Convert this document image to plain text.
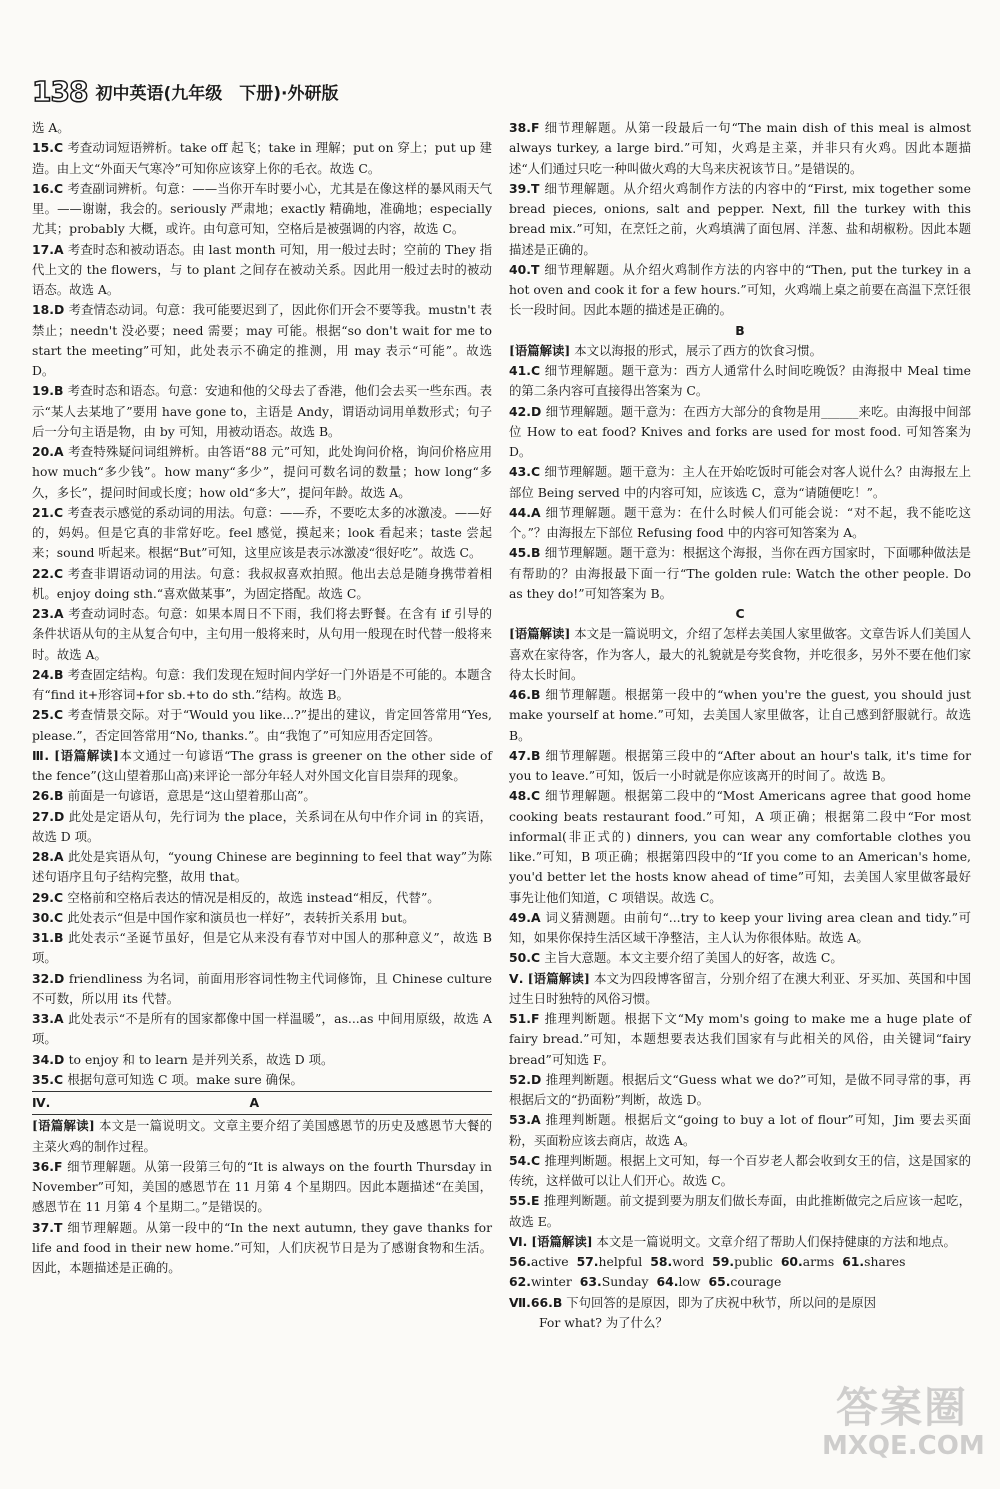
138 初中英语(九年级　下册)·外研版

选 A。

15.C 考查动词短语辨析。take off 起飞；take in 理解；put on 穿上；put up 建造。由上文“外面天气寒冷”可知你应该穿上你的毛衣。故选 C。

16.C 考查副词辨析。句意：——当你开车时要小心，尤其是在像这样的暴风雨天气里。——谢谢，我会的。seriously 严肃地；exactly 精确地，准确地；especially 尤其；probably 大概，或许。由句意可知，空格后是被强调的内容，故选 C。

17.A 考查时态和被动语态。由 last month 可知，用一般过去时；空前的 They 指代上文的 the flowers，与 to plant 之间存在被动关系。因此用一般过去时的被动语态。故选 A。

18.D 考查情态动词。句意：我可能要迟到了，因此你们开会不要等我。mustn't 表禁止；needn't 没必要；need 需要；may 可能。根据“so don't wait for me to start the meeting”可知，此处表示不确定的推测，用 may 表示“可能”。故选 D。

19.B 考查时态和语态。句意：安迪和他的父母去了香港，他们会去买一些东西。表示“某人去某地了”要用 have gone to，主语是 Andy，谓语动词用单数形式；句子后一分句主语是物，由 by 可知，用被动语态。故选 B。

20.A 考查特殊疑问词组辨析。由答语“88 元”可知，此处询问价格，询问价格应用 how much“多少钱”。how many“多少”，提问可数名词的数量；how long“多久，多长”，提问时间或长度；how old“多大”，提问年龄。故选 A。

21.C 考查表示感觉的系动词的用法。句意：——乔，不要吃太多的冰激凌。——好的，妈妈。但是它真的非常好吃。feel 感觉，摸起来；look 看起来；taste 尝起来；sound 听起来。根据“But”可知，这里应该是表示冰激凌“很好吃”。故选 C。

22.C 考查非谓语动词的用法。句意：我叔叔喜欢拍照。他出去总是随身携带着相机。enjoy doing sth.“喜欢做某事”，为固定搭配。故选 C。

23.A 考查动词时态。句意：如果本周日不下雨，我们将去野餐。在含有 if 引导的条件状语从句的主从复合句中，主句用一般将来时，从句用一般现在时代替一般将来时。故选 A。

24.B 考查固定结构。句意：我们发现在短时间内学好一门外语是不可能的。本题含有“find it+形容词+for sb.+to do sth.”结构。故选 B。

25.C 考查情景交际。对于“Would you like...?”提出的建议，肯定回答常用“Yes, please.”，否定回答常用“No, thanks.”。由“我饱了”可知应用否定回答。

Ⅲ. [语篇解读]本文通过一句谚语“The grass is greener on the other side of the fence”(这山望着那山高)来评论一部分年轻人对外国文化盲目崇拜的现象。

26.B 前面是一句谚语，意思是“这山望着那山高”。

27.D 此处是定语从句，先行词为 the place，关系词在从句中作介词 in 的宾语，故选 D 项。

28.A 此处是宾语从句，“young Chinese are beginning to feel that way”为陈述句语序且句子结构完整，故用 that。

29.C 空格前和空格后表达的情况是相反的，故选 instead“相反，代替”。

30.C 此处表示“但是中国作家和演员也一样好”，表转折关系用 but。

31.B 此处表示“圣诞节虽好，但是它从来没有春节对中国人的那种意义”，故选 B 项。

32.D friendliness 为名词，前面用形容词性物主代词修饰，且 Chinese culture 不可数，所以用 its 代替。

33.A 此处表示“不是所有的国家都像中国一样温暖”，as...as 中间用原级，故选 A 项。

34.D to enjoy 和 to learn 是并列关系，故选 D 项。

35.C 根据句意可知选 C 项。make sure 确保。

Ⅳ.	A

[语篇解读] 本文是一篇说明文。文章主要介绍了美国感恩节的历史及感恩节大餐的主菜火鸡的制作过程。

36.F 细节理解题。从第一段第三句的“It is always on the fourth Thursday in November”可知，美国的感恩节在 11 月第 4 个星期四。因此本题描述“在美国，感恩节在 11 月第 4 个星期二。”是错误的。

37.T 细节理解题。从第一段中的“In the next autumn, they gave thanks for life and food in their new home.”可知，人们庆祝节日是为了感谢食物和生活。因此，本题描述是正确的。

38.F 细节理解题。从第一段最后一句“The main dish of this meal is almost always turkey, a large bird.”可知，火鸡是主菜，并非只有火鸡。因此本题描述“人们通过只吃一种叫做火鸡的大鸟来庆祝该节日。”是错误的。

39.T 细节理解题。从介绍火鸡制作方法的内容中的“First, mix together some bread pieces, onions, salt and pepper. Next, fill the turkey with this bread mix.”可知，在烹饪之前，火鸡填满了面包屑、洋葱、盐和胡椒粉。因此本题描述是正确的。

40.T 细节理解题。从介绍火鸡制作方法的内容中的“Then, put the turkey in a hot oven and cook it for a few hours.”可知，火鸡端上桌之前要在高温下烹饪很长一段时间。因此本题的描述是正确的。

B

[语篇解读] 本文以海报的形式，展示了西方的饮食习惯。

41.C 细节理解题。题干意为：西方人通常什么时间吃晚饭？由海报中 Meal time 的第二条内容可直接得出答案为 C。

42.D 细节理解题。题干意为：在西方大部分的食物是用______来吃。由海报中间部位 How to eat food? Knives and forks are used for most food. 可知答案为 D。

43.C 细节理解题。题干意为：主人在开始吃饭时可能会对客人说什么？由海报左上部位 Being served 中的内容可知，应该选 C，意为“请随便吃！”。

44.A 细节理解题。题干意为：在什么时候人们可能会说：“对不起，我不能吃这个。”？由海报左下部位 Refusing food 中的内容可知答案为 A。

45.B 细节理解题。题干意为：根据这个海报，当你在西方国家时，下面哪种做法是有帮助的？由海报最下面一行“The golden rule: Watch the other people. Do as they do!”可知答案为 B。

C

[语篇解读] 本文是一篇说明文，介绍了怎样去美国人家里做客。文章告诉人们美国人喜欢在家待客，作为客人，最大的礼貌就是夸奖食物，并吃很多，另外不要在他们家待太长时间。

46.B 细节理解题。根据第一段中的“when you're the guest, you should just make yourself at home.”可知，去美国人家里做客，让自己感到舒服就行。故选 B。

47.B 细节理解题。根据第三段中的“After about an hour's talk, it's time for you to leave.”可知，饭后一小时就是你应该离开的时间了。故选 B。

48.C 细节理解题。根据第二段中的“Most Americans agree that good home cooking beats restaurant food.”可知，A 项正确；根据第二段中“For most informal(非正式的) dinners, you can wear any comfortable clothes you like.”可知，B 项正确；根据第四段中的“If you come to an American's home, you'd better let the hosts know ahead of time”可知，去美国人家里做客最好事先让他们知道，C 项错误。故选 C。

49.A 词义猜测题。由前句“...try to keep your living area clean and tidy.”可知，如果你保持生活区域干净整洁，主人认为你很体贴。故选 A。

50.C 主旨大意题。本文主要介绍了美国人的好客，故选 C。

Ⅴ. [语篇解读] 本文为四段博客留言，分别介绍了在澳大利亚、牙买加、英国和中国过生日时独特的风俗习惯。

51.F 推理判断题。根据下文“My mom's going to make me a huge plate of fairy bread.”可知，本题想要表达我们国家有与此相关的风俗，由关键词“fairy bread”可知选 F。

52.D 推理判断题。根据后文“Guess what we do?”可知，是做不同寻常的事，再根据后文的“扔面粉”判断，故选 D。

53.A 推理判断题。根据后文“going to buy a lot of flour”可知，Jim 要去买面粉，买面粉应该去商店，故选 A。

54.C 推理判断题。根据上文可知，每一个百岁老人都会收到女王的信，这是国家的传统，这样做可以让人们开心。故选 C。

55.E 推理判断题。前文提到要为朋友们做长寿面，由此推断做完之后应该一起吃，故选 E。

Ⅵ. [语篇解读] 本文是一篇说明文。文章介绍了帮助人们保持健康的方法和地点。

56.active 57.helpful 58.word 59.public 60.arms 61.shares

62.winter 63.Sunday 64.low 65.courage

Ⅶ.66.B 下句回答的是原因，即为了庆祝中秋节，所以问的是原因

For what? 为了什么？

答案圈
MXQE.COM
